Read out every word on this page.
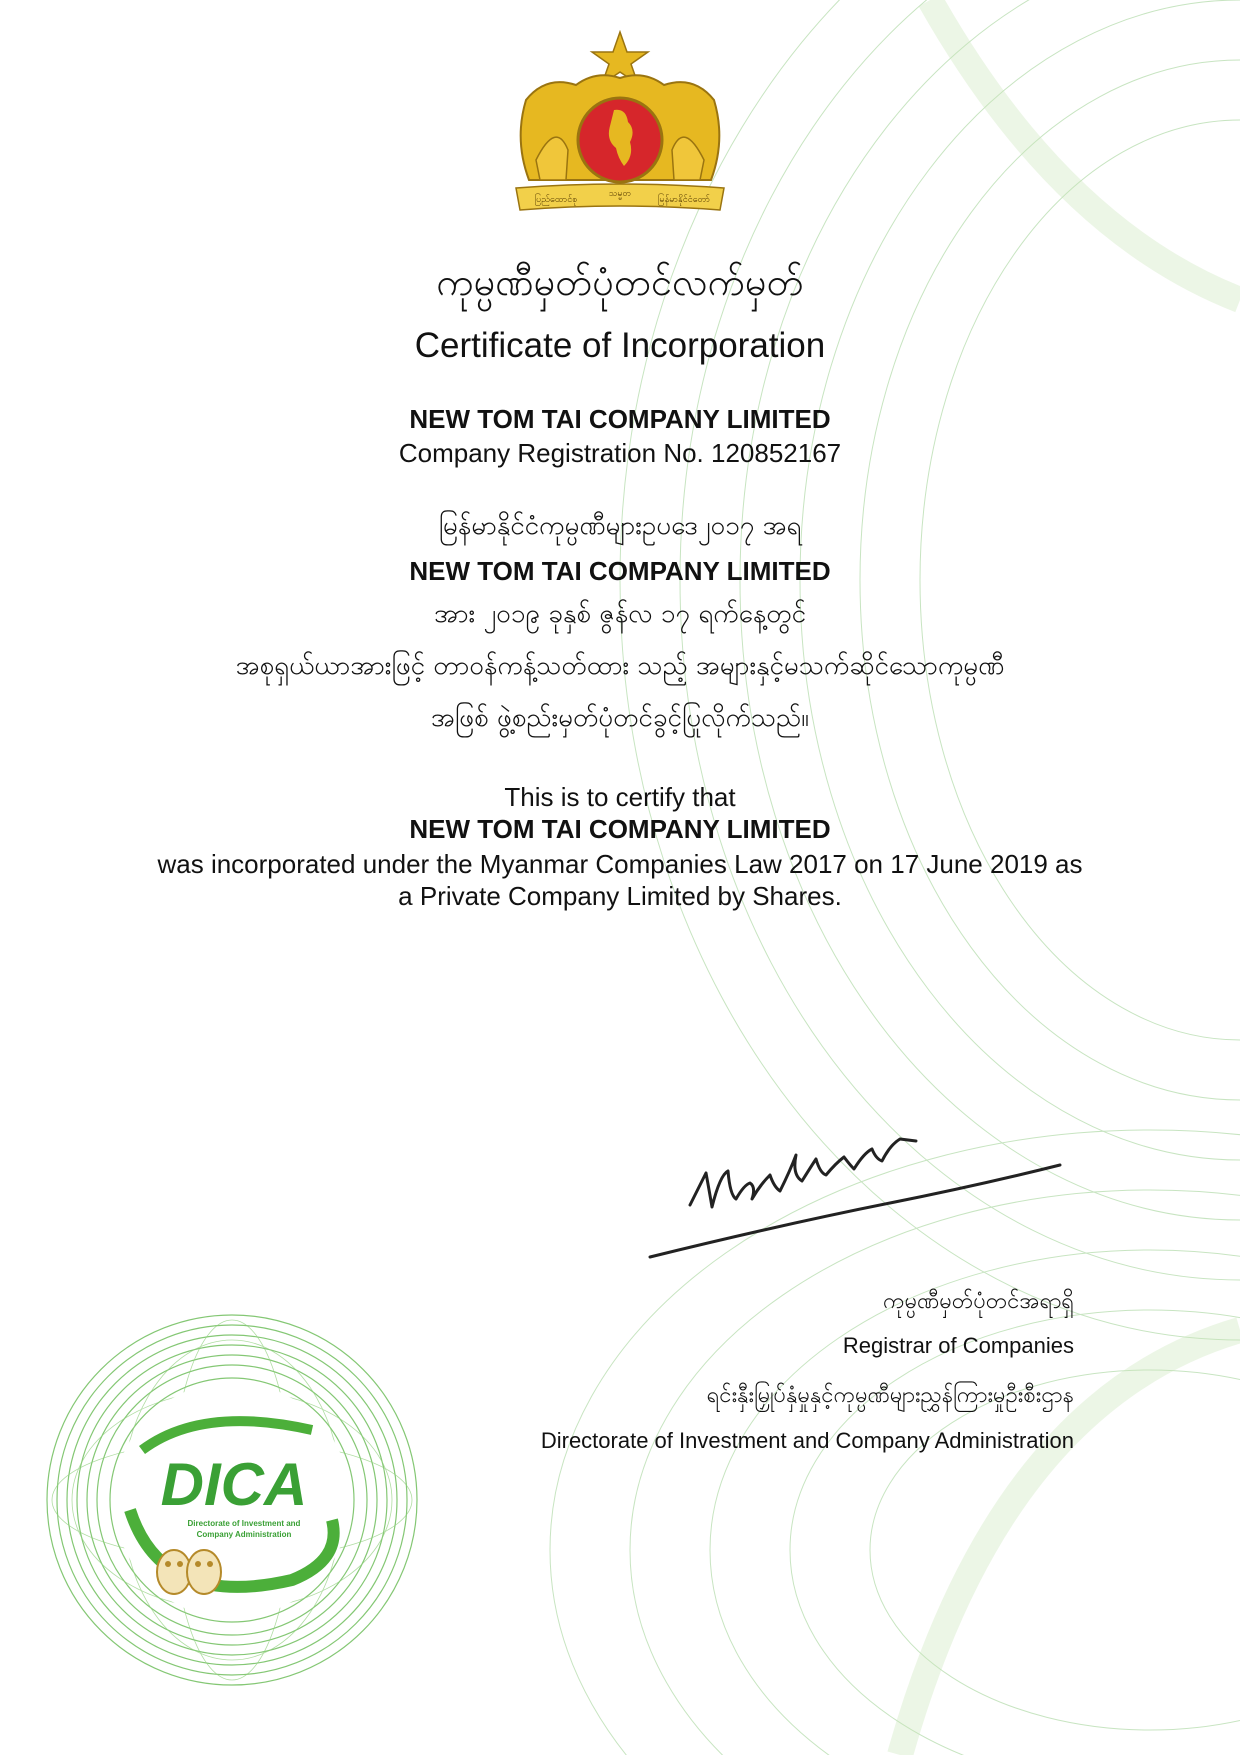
ပြည်ထောင်စု
သမ္မတ
မြန်မာနိုင်ငံတော်
ကုမ္ပဏီမှတ်ပုံတင်လက်မှတ်
Certificate of Incorporation
NEW TOM TAI COMPANY LIMITED
Company Registration No. 120852167
မြန်မာနိုင်ငံကုမ္ပဏီများဥပဒေ၂၀၁၇ အရ
NEW TOM TAI COMPANY LIMITED
အား ၂၀၁၉ ခုနှစ် ဇွန်လ ၁၇ ရက်နေ့တွင်
အစုရှယ်ယာအားဖြင့် တာဝန်ကန့်သတ်ထား သည့် အများနှင့်မသက်ဆိုင်သောကုမ္ပဏီ
အဖြစ် ဖွဲ့စည်းမှတ်ပုံတင်ခွင့်ပြုလိုက်သည်။
This is to certify that
NEW TOM TAI COMPANY LIMITED
was incorporated under the Myanmar Companies Law 2017 on 17 June 2019 as a Private Company Limited by Shares.
ကုမ္ပဏီမှတ်ပုံတင်အရာရှိ
Registrar of Companies
ရင်းနှီးမြှုပ်နှံမှုနှင့်ကုမ္ပဏီများညွှန်ကြားမှုဦးစီးဌာန
Directorate of Investment and Company Administration
DICA
Directorate of Investment and
Company Administration
